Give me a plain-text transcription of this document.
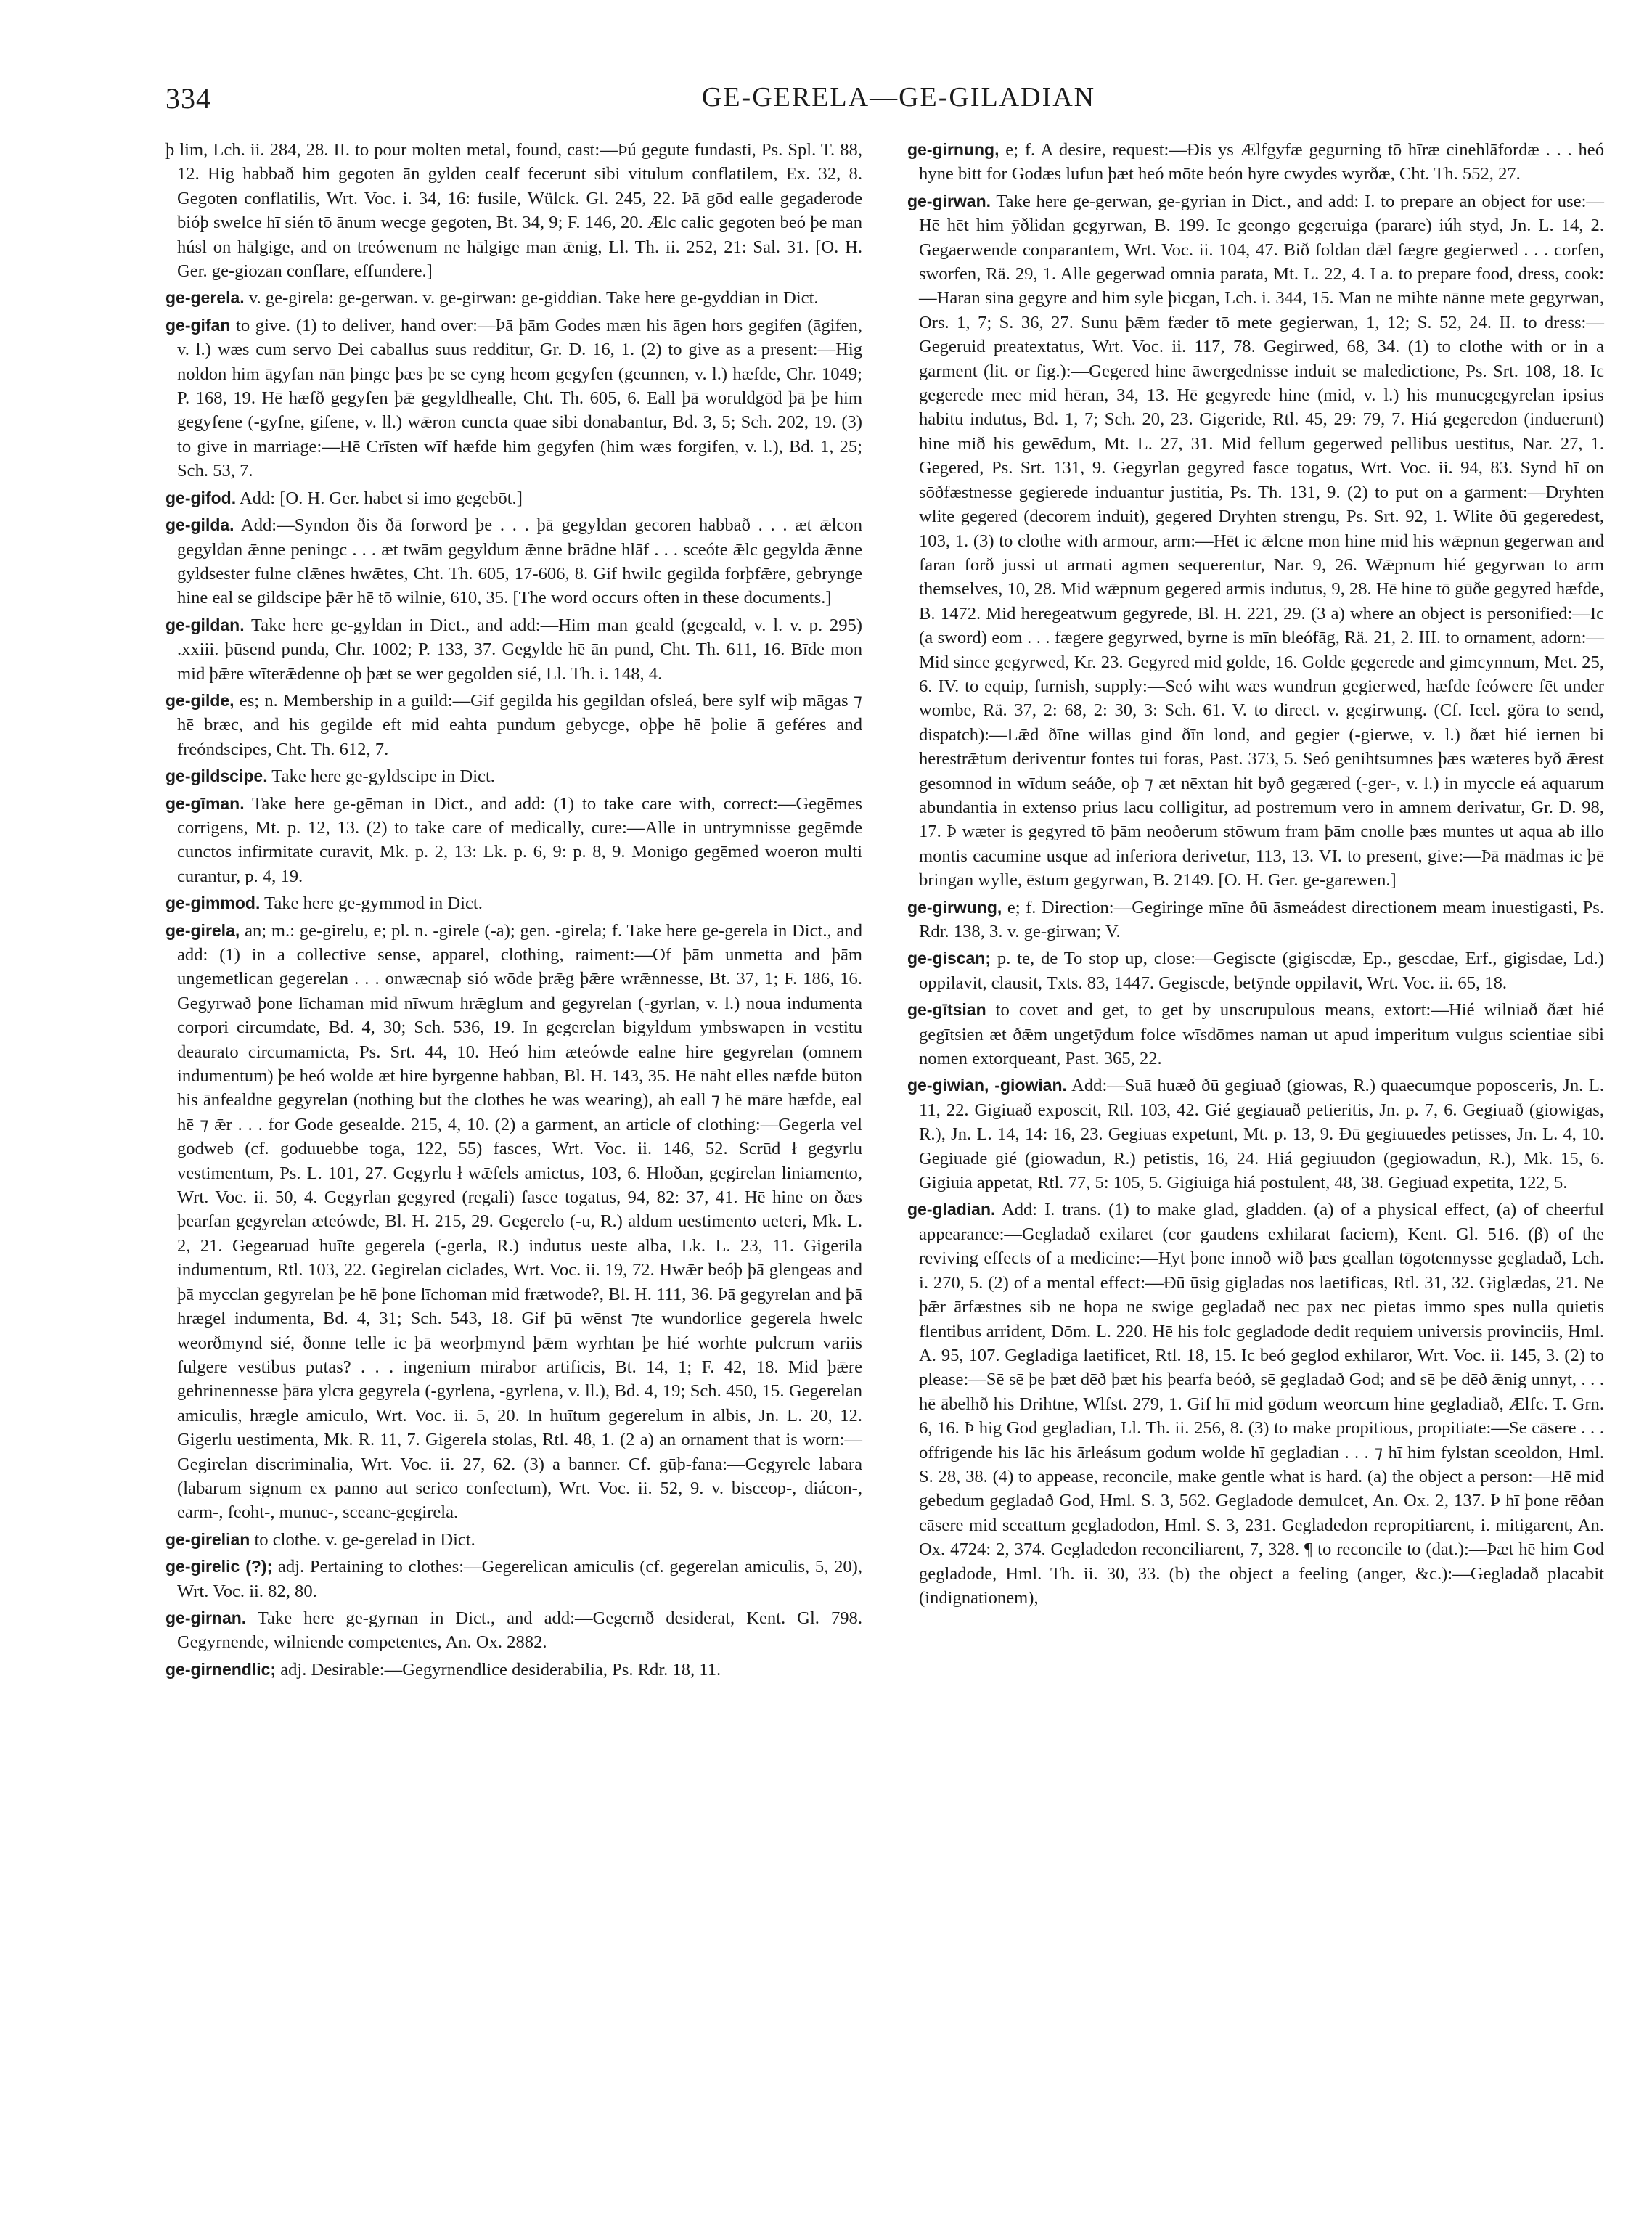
334	GE-GERELA—GE-GILADIAN

þ lim, Lch. ii. 284, 28. II. to pour molten metal, found, cast:—Þú gegute fundasti, Ps. Spl. T. 88, 12. Hig habbað him gegoten ān gylden cealf fecerunt sibi vitulum conflatilem, Ex. 32, 8. Gegoten conflatilis, Wrt. Voc. i. 34, 16: fusile, Wülck. Gl. 245, 22. Þā gōd ealle gegaderode bióþ swelce hī sién tō ānum wecge gegoten, Bt. 34, 9; F. 146, 20. Ælc calic gegoten beó þe man húsl on hālgige, and on treówenum ne hālgige man ǣnig, Ll. Th. ii. 252, 21: Sal. 31. [O. H. Ger. ge-giozan conflare, effundere.]

ge-gerela. v. ge-girela: ge-gerwan. v. ge-girwan: ge-giddian. Take here ge-gyddian in Dict.

ge-gifan to give. (1) to deliver, hand over:—Þā þām Godes mæn his āgen hors gegifen (āgifen, v. l.) wæs cum servo Dei caballus suus redditur, Gr. D. 16, 1. (2) to give as a present:—Hig noldon him āgyfan nān þingc þæs þe se cyng heom gegyfen (geunnen, v. l.) hæfde, Chr. 1049; P. 168, 19. Hē hæfð gegyfen þǣ gegyldhealle, Cht. Th. 605, 6. Eall þā woruldgōd þā þe him gegyfene (-gyfne, gifene, v. ll.) wǣron cuncta quae sibi donabantur, Bd. 3, 5; Sch. 202, 19. (3) to give in marriage:—Hē Crīsten wīf hæfde him gegyfen (him wæs forgifen, v. l.), Bd. 1, 25; Sch. 53, 7.

ge-gifod. Add: [O. H. Ger. habet si imo gegebōt.]

ge-gilda. Add:—Syndon ðis ðā forword þe . . . þā gegyldan gecoren habbað . . . æt ǣlcon gegyldan ǣnne peningc . . . æt twām gegyldum ǣnne brādne hlāf . . . sceóte ǣlc gegylda ǣnne gyldsester fulne clǣnes hwǣtes, Cht. Th. 605, 17-606, 8. Gif hwilc gegilda forþfǣre, gebrynge hine eal se gildscipe þǣr hē tō wilnie, 610, 35. [The word occurs often in these documents.]

ge-gildan. Take here ge-gyldan in Dict., and add:—Him man geald (gegeald, v. l. v. p. 295) .xxiii. þūsend punda, Chr. 1002; P. 133, 37. Gegylde hē ān pund, Cht. Th. 611, 16. Bīde mon mid þǣre wīterǣdenne oþ þæt se wer gegolden sié, Ll. Th. i. 148, 4.

ge-gilde, es; n. Membership in a guild:—Gif gegilda his gegildan ofsleá, bere sylf wiþ māgas ⁊ hē bræc, and his gegilde eft mid eahta pundum gebycge, oþþe hē þolie ā geféres and freóndscipes, Cht. Th. 612, 7.

ge-gildscipe. Take here ge-gyldscipe in Dict.

ge-gīman. Take here ge-gēman in Dict., and add: (1) to take care with, correct:—Gegēmes corrigens, Mt. p. 12, 13. (2) to take care of medically, cure:—Alle in untrymnisse gegēmde cunctos infirmitate curavit, Mk. p. 2, 13: Lk. p. 6, 9: p. 8, 9. Monigo gegēmed woeron multi curantur, p. 4, 19.

ge-gimmod. Take here ge-gymmod in Dict.

ge-girela, an; m.: ge-girelu, e; pl. n. -girele (-a); gen. -girela; f. Take here ge-gerela in Dict., and add: (1) in a collective sense, apparel, clothing, raiment:—Of þām unmetta and þām ungemetlican gegerelan . . . onwæcnaþ sió wōde þrǣg þǣre wrǣnnesse, Bt. 37, 1; F. 186, 16. Gegyrwað þone līchaman mid nīwum hrǣglum and gegyrelan (-gyrlan, v. l.) noua indumenta corpori circumdate, Bd. 4, 30; Sch. 536, 19. In gegerelan bigyldum ymbswapen in vestitu deaurato circumamicta, Ps. Srt. 44, 10. Heó him æteówde ealne hire gegyrelan (omnem indumentum) þe heó wolde æt hire byrgenne habban, Bl. H. 143, 35. Hē nāht elles næfde būton his ānfealdne gegyrelan (nothing but the clothes he was wearing), ah eall ⁊ hē māre hæfde, eal hē ⁊ ǣr . . . for Gode gesealde. 215, 4, 10. (2) a garment, an article of clothing:—Gegerla vel godweb (cf. goduuebbe toga, 122, 55) fasces, Wrt. Voc. ii. 146, 52. Scrūd ł gegyrlu vestimentum, Ps. L. 101, 27. Gegyrlu ł wǣfels amictus, 103, 6. Hloðan, gegirelan liniamento, Wrt. Voc. ii. 50, 4. Gegyrlan gegyred (regali) fasce togatus, 94, 82: 37, 41. Hē hine on ðæs þearfan gegyrelan æteówde, Bl. H. 215, 29. Gegerelo (-u, R.) aldum uestimento ueteri, Mk. L. 2, 21. Gegearuad huīte gegerela (-gerla, R.) indutus ueste alba, Lk. L. 23, 11. Gigerila indumentum, Rtl. 103, 22. Gegirelan ciclades, Wrt. Voc. ii. 19, 72. Hwǣr beóþ þā glengeas and þā mycclan gegyrelan þe hē þone līchoman mid frætwode?, Bl. H. 111, 36. Þā gegyrelan and þā hrægel indumenta, Bd. 4, 31; Sch. 543, 18. Gif þū wēnst ⁊te wundorlice gegerela hwelc weorðmynd sié, ðonne telle ic þā weorþmynd þǣm wyrhtan þe hié worhte pulcrum variis fulgere vestibus putas? . . . ingenium mirabor artificis, Bt. 14, 1; F. 42, 18. Mid þǣre gehrinennesse þāra ylcra gegyrela (-gyrlena, -gyrlena, v. ll.), Bd. 4, 19; Sch. 450, 15. Gegerelan amiculis, hrægle amiculo, Wrt. Voc. ii. 5, 20. In huītum gegerelum in albis, Jn. L. 20, 12. Gigerlu uestimenta, Mk. R. 11, 7. Gigerela stolas, Rtl. 48, 1. (2 a) an ornament that is worn:—Gegirelan discriminalia, Wrt. Voc. ii. 27, 62. (3) a banner. Cf. gūþ-fana:—Gegyrele labara (labarum signum ex panno aut serico confectum), Wrt. Voc. ii. 52, 9. v. bisceop-, diácon-, earm-, feoht-, munuc-, sceanc-gegirela.

ge-girelian to clothe. v. ge-gerelad in Dict.

ge-girelic (?); adj. Pertaining to clothes:—Gegerelican amiculis (cf. gegerelan amiculis, 5, 20), Wrt. Voc. ii. 82, 80.

ge-girnan. Take here ge-gyrnan in Dict., and add:—Gegernð desiderat, Kent. Gl. 798. Gegyrnende, wilniende competentes, An. Ox. 2882.

ge-girnendlic; adj. Desirable:—Gegyrnendlice desiderabilia, Ps. Rdr. 18, 11.

ge-girnung, e; f. A desire, request:—Ðis ys Ælfgyfæ gegurning tō hīræ cinehlāfordæ . . . heó hyne bitt for Godæs lufun þæt heó mōte beón hyre cwydes wyrðæ, Cht. Th. 552, 27.

ge-girwan. Take here ge-gerwan, ge-gyrian in Dict., and add: I. to prepare an object for use:—Hē hēt him ȳðlidan gegyrwan, B. 199. Ic geongo gegeruiga (parare) iúh styd, Jn. L. 14, 2. Gegaerwende conparantem, Wrt. Voc. ii. 104, 47. Bið foldan dǣl fægre gegierwed . . . corfen, sworfen, Rä. 29, 1. Alle gegerwad omnia parata, Mt. L. 22, 4. I a. to prepare food, dress, cook:—Haran sina gegyre and him syle þicgan, Lch. i. 344, 15. Man ne mihte nānne mete gegyrwan, Ors. 1, 7; S. 36, 27. Sunu þǣm fæder tō mete gegierwan, 1, 12; S. 52, 24. II. to dress:—Gegeruid preatextatus, Wrt. Voc. ii. 117, 78. Gegirwed, 68, 34. (1) to clothe with or in a garment (lit. or fig.):—Gegered hine āwergednisse induit se maledictione, Ps. Srt. 108, 18. Ic gegerede mec mid hēran, 34, 13. Hē gegyrede hine (mid, v. l.) his munucgegyrelan ipsius habitu indutus, Bd. 1, 7; Sch. 20, 23. Gigeride, Rtl. 45, 29: 79, 7. Hiá gegeredon (induerunt) hine mið his gewēdum, Mt. L. 27, 31. Mid fellum gegerwed pellibus uestitus, Nar. 27, 1. Gegered, Ps. Srt. 131, 9. Gegyrlan gegyred fasce togatus, Wrt. Voc. ii. 94, 83. Synd hī on sōðfæstnesse gegierede induantur justitia, Ps. Th. 131, 9. (2) to put on a garment:—Dryhten wlite gegered (decorem induit), gegered Dryhten strengu, Ps. Srt. 92, 1. Wlite ðū gegeredest, 103, 1. (3) to clothe with armour, arm:—Hēt ic ǣlcne mon hine mid his wǣpnun gegerwan and faran forð jussi ut armati agmen sequerentur, Nar. 9, 26. Wǣpnum hié gegyrwan to arm themselves, 10, 28. Mid wǣpnum gegered armis indutus, 9, 28. Hē hine tō gūðe gegyred hæfde, B. 1472. Mid heregeatwum gegyrede, Bl. H. 221, 29. (3 a) where an object is personified:—Ic (a sword) eom . . . fægere gegyrwed, byrne is mīn bleófāg, Rä. 21, 2. III. to ornament, adorn:—Mid since gegyrwed, Kr. 23. Gegyred mid golde, 16. Golde gegerede and gimcynnum, Met. 25, 6. IV. to equip, furnish, supply:—Seó wiht wæs wundrun gegierwed, hæfde feówere fēt under wombe, Rä. 37, 2: 68, 2: 30, 3: Sch. 61. V. to direct. v. gegirwung. (Cf. Icel. göra to send, dispatch):—Lǣd ðīne willas gind ðīn lond, and gegier (-gierwe, v. l.) ðæt hié iernen bi herestrǣtum deriventur fontes tui foras, Past. 373, 5. Seó genihtsumnes þæs wæteres byð ǣrest gesomnod in wīdum seáðe, oþ ⁊ æt nēxtan hit byð gegæred (-ger-, v. l.) in myccle eá aquarum abundantia in extenso prius lacu colligitur, ad postremum vero in amnem derivatur, Gr. D. 98, 17. Þ wæter is gegyred tō þām neoðerum stōwum fram þām cnolle þæs muntes ut aqua ab illo montis cacumine usque ad inferiora derivetur, 113, 13. VI. to present, give:—Þā mādmas ic þē bringan wylle, ēstum gegyrwan, B. 2149. [O. H. Ger. ge-garewen.]

ge-girwung, e; f. Direction:—Gegiringe mīne ðū āsmeádest directionem meam inuestigasti, Ps. Rdr. 138, 3. v. ge-girwan; V.

ge-giscan; p. te, de To stop up, close:—Gegiscte (gigiscdæ, Ep., gescdae, Erf., gigisdae, Ld.) oppilavit, clausit, Txts. 83, 1447. Gegiscde, betȳnde oppilavit, Wrt. Voc. ii. 65, 18.

ge-gītsian to covet and get, to get by unscrupulous means, extort:—Hié wilniað ðæt hié gegītsien æt ðǣm ungetȳdum folce wīsdōmes naman ut apud imperitum vulgus scientiae sibi nomen extorqueant, Past. 365, 22.

ge-giwian, -giowian. Add:—Suā huæð ðū gegiuað (giowas, R.) quaecumque poposceris, Jn. L. 11, 22. Gigiuað exposcit, Rtl. 103, 42. Gié gegiauað petieritis, Jn. p. 7, 6. Gegiuað (giowigas, R.), Jn. L. 14, 14: 16, 23. Gegiuas expetunt, Mt. p. 13, 9. Ðū gegiuuedes petisses, Jn. L. 4, 10. Gegiuade gié (giowadun, R.) petistis, 16, 24. Hiá gegiuudon (gegiowadun, R.), Mk. 15, 6. Gigiuia appetat, Rtl. 77, 5: 105, 5. Gigiuiga hiá postulent, 48, 38. Gegiuad expetita, 122, 5.

ge-gladian. Add: I. trans. (1) to make glad, gladden. (a) of a physical effect, (a) of cheerful appearance:—Gegladað exilaret (cor gaudens exhilarat faciem), Kent. Gl. 516. (β) of the reviving effects of a medicine:—Hyt þone innoð wið þæs geallan tōgotennysse gegladað, Lch. i. 270, 5. (2) of a mental effect:—Ðū ūsig gigladas nos laetificas, Rtl. 31, 32. Giglædas, 21. Ne þǣr ārfæstnes sib ne hopa ne swige gegladað nec pax nec pietas immo spes nulla quietis flentibus arrident, Dōm. L. 220. Hē his folc gegladode dedit requiem universis provinciis, Hml. A. 95, 107. Gegladiga laetificet, Rtl. 18, 15. Ic beó geglod exhilaror, Wrt. Voc. ii. 145, 3. (2) to please:—Sē sē þe þæt dēð þæt his þearfa beóð, sē gegladað God; and sē þe dēð ǣnig unnyt, . . . hē ābelhð his Drihtne, Wlfst. 279, 1. Gif hī mid gōdum weorcum hine gegladiað, Ælfc. T. Grn. 6, 16. Þ hig God gegladian, Ll. Th. ii. 256, 8. (3) to make propitious, propitiate:—Se cāsere . . . offrigende his lāc his ārleásum godum wolde hī gegladian . . . ⁊ hī him fylstan sceoldon, Hml. S. 28, 38. (4) to appease, reconcile, make gentle what is hard. (a) the object a person:—Hē mid gebedum gegladað God, Hml. S. 3, 562. Gegladode demulcet, An. Ox. 2, 137. Þ hī þone rēðan cāsere mid sceattum gegladodon, Hml. S. 3, 231. Gegladedon repropitiarent, i. mitigarent, An. Ox. 4724: 2, 374. Gegladedon reconciliarent, 7, 328. ¶ to reconcile to (dat.):—Þæt hē him God gegladode, Hml. Th. ii. 30, 33. (b) the object a feeling (anger, &c.):—Gegladað placabit (indignationem),
